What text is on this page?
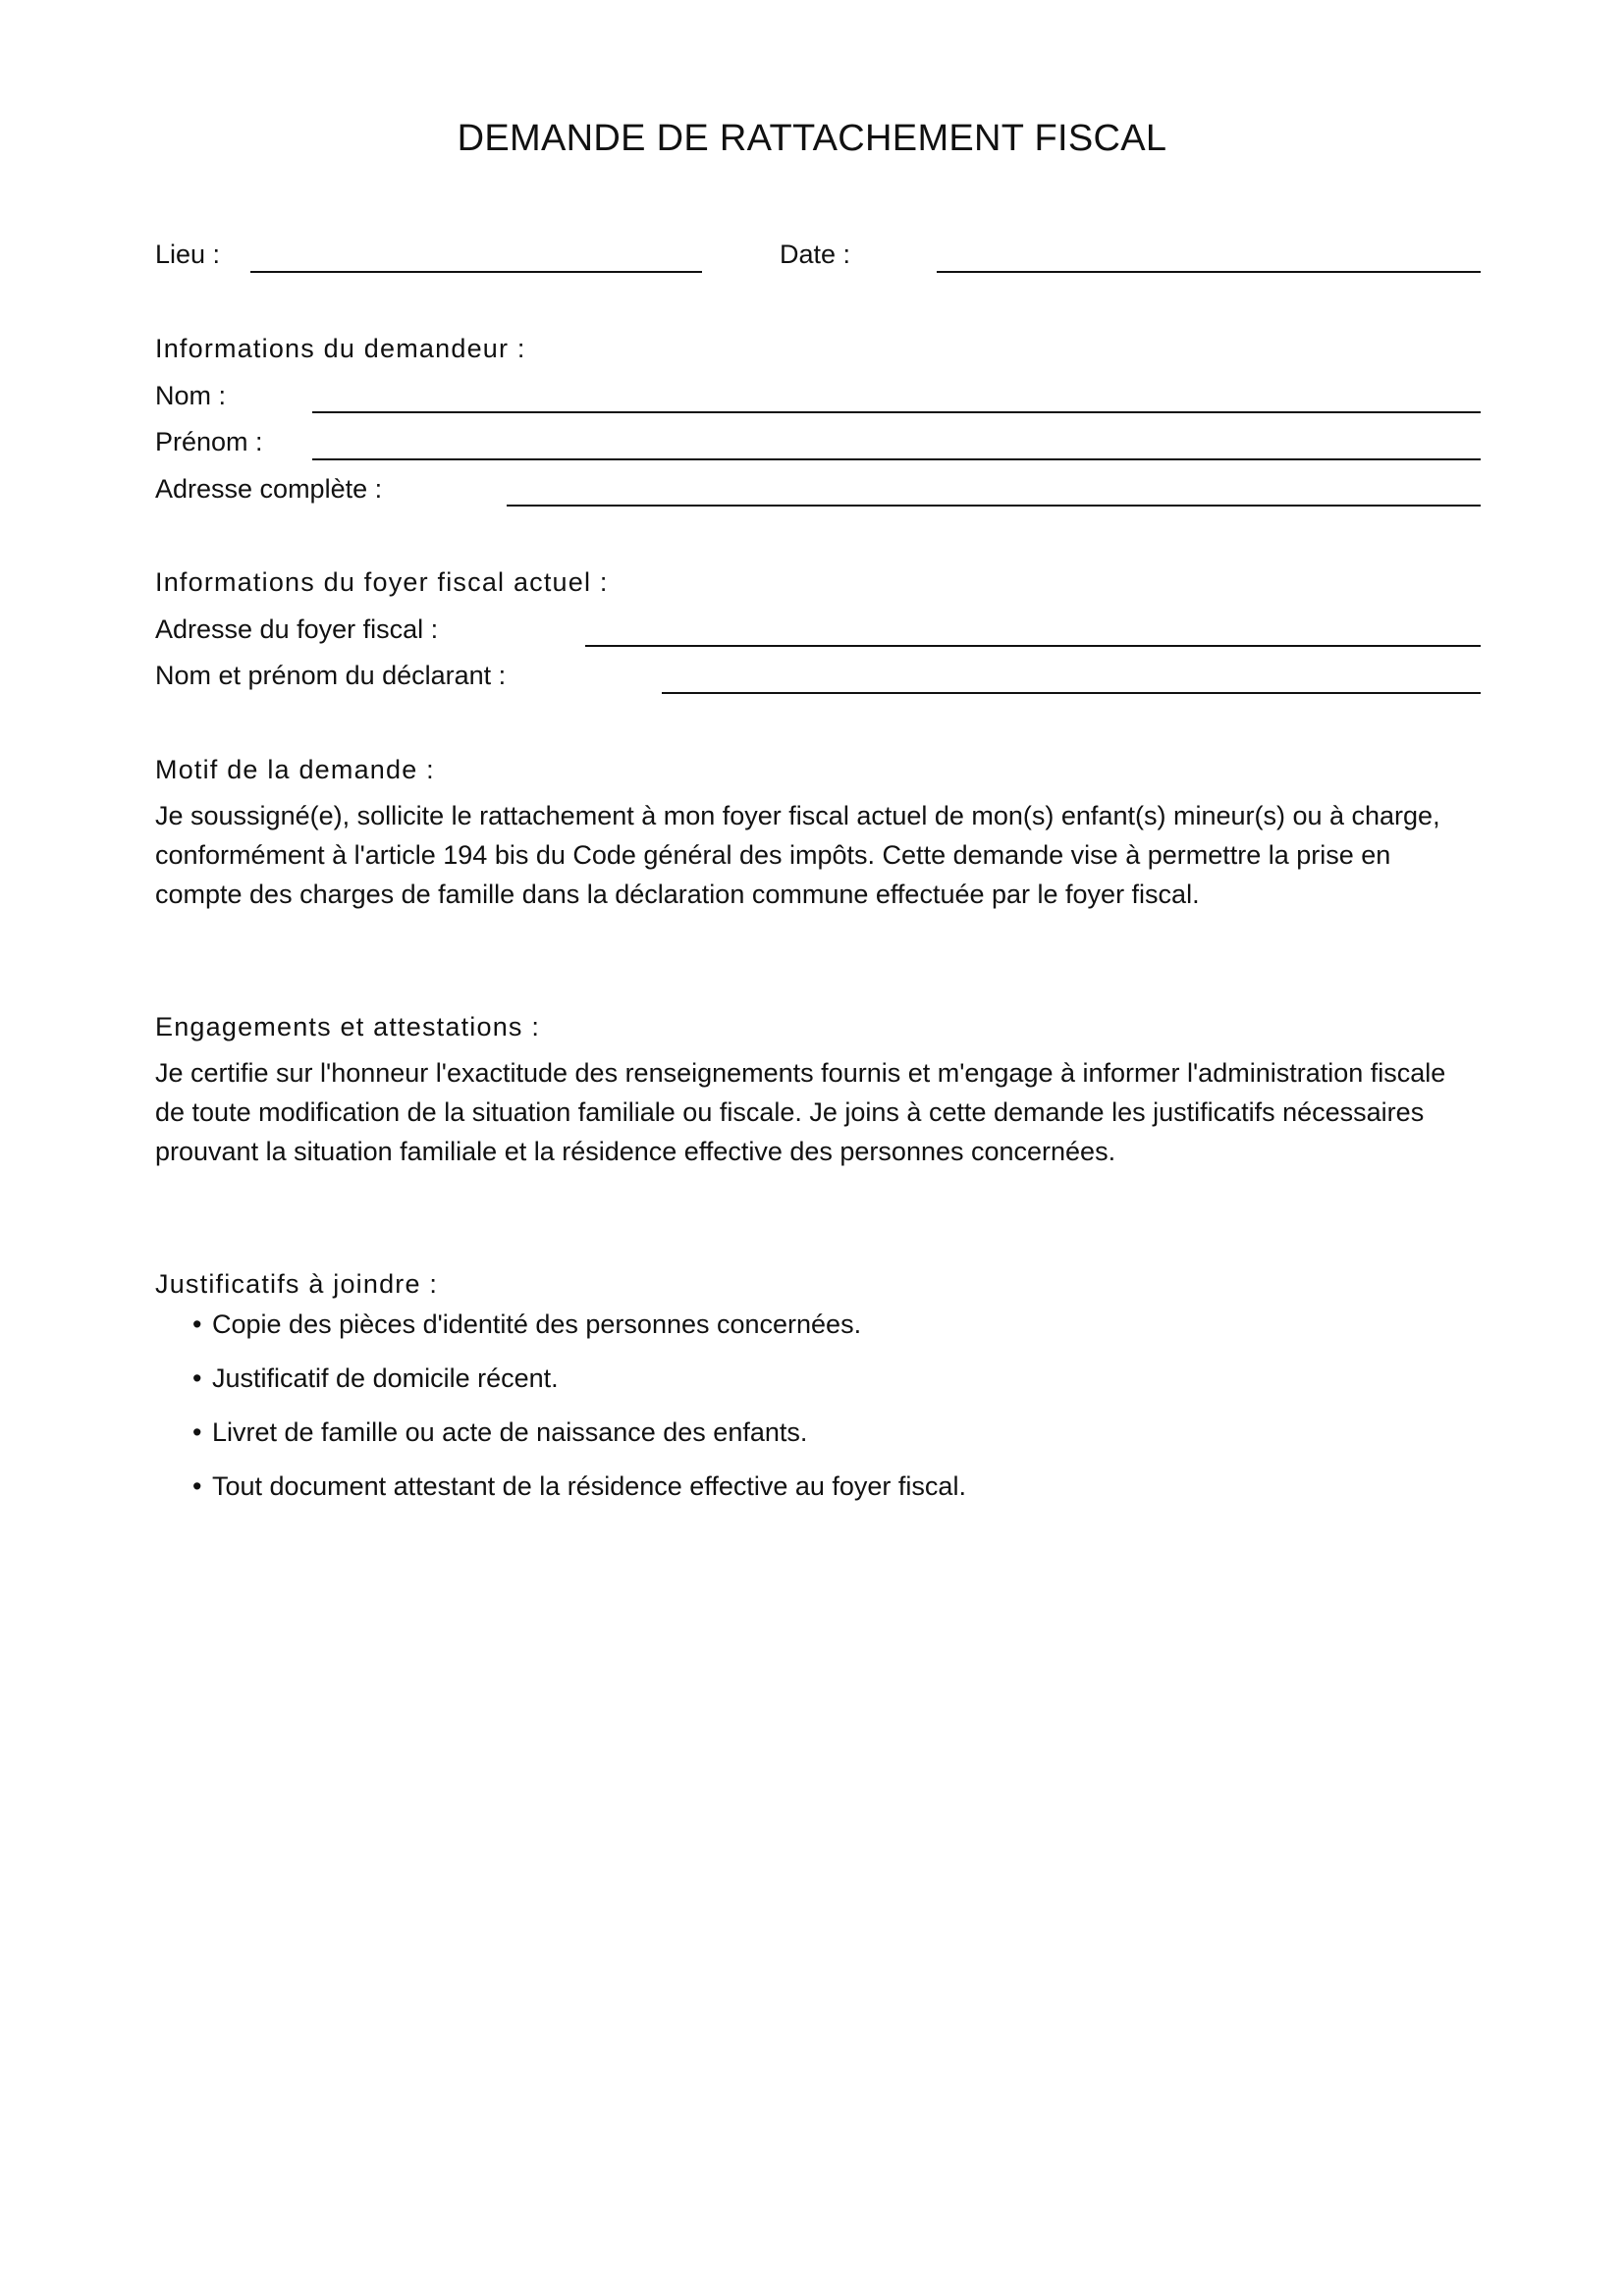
DEMANDE DE RATTACHEMENT FISCAL
Lieu :	Date :
Informations du demandeur :
Nom :
Prénom :
Adresse complète :
Informations du foyer fiscal actuel :
Adresse du foyer fiscal :
Nom et prénom du déclarant :
Motif de la demande :
Je soussigné(e), sollicite le rattachement à mon foyer fiscal actuel de mon(s) enfant(s) mineur(s) ou à charge, conformément à l'article 194 bis du Code général des impôts. Cette demande vise à permettre la prise en compte des charges de famille dans la déclaration commune effectuée par le foyer fiscal.
Engagements et attestations :
Je certifie sur l'honneur l'exactitude des renseignements fournis et m'engage à informer l'administration fiscale de toute modification de la situation familiale ou fiscale. Je joins à cette demande les justificatifs nécessaires prouvant la situation familiale et la résidence effective des personnes concernées.
Justificatifs à joindre :
• Copie des pièces d'identité des personnes concernées.
• Justificatif de domicile récent.
• Livret de famille ou acte de naissance des enfants.
• Tout document attestant de la résidence effective au foyer fiscal.
